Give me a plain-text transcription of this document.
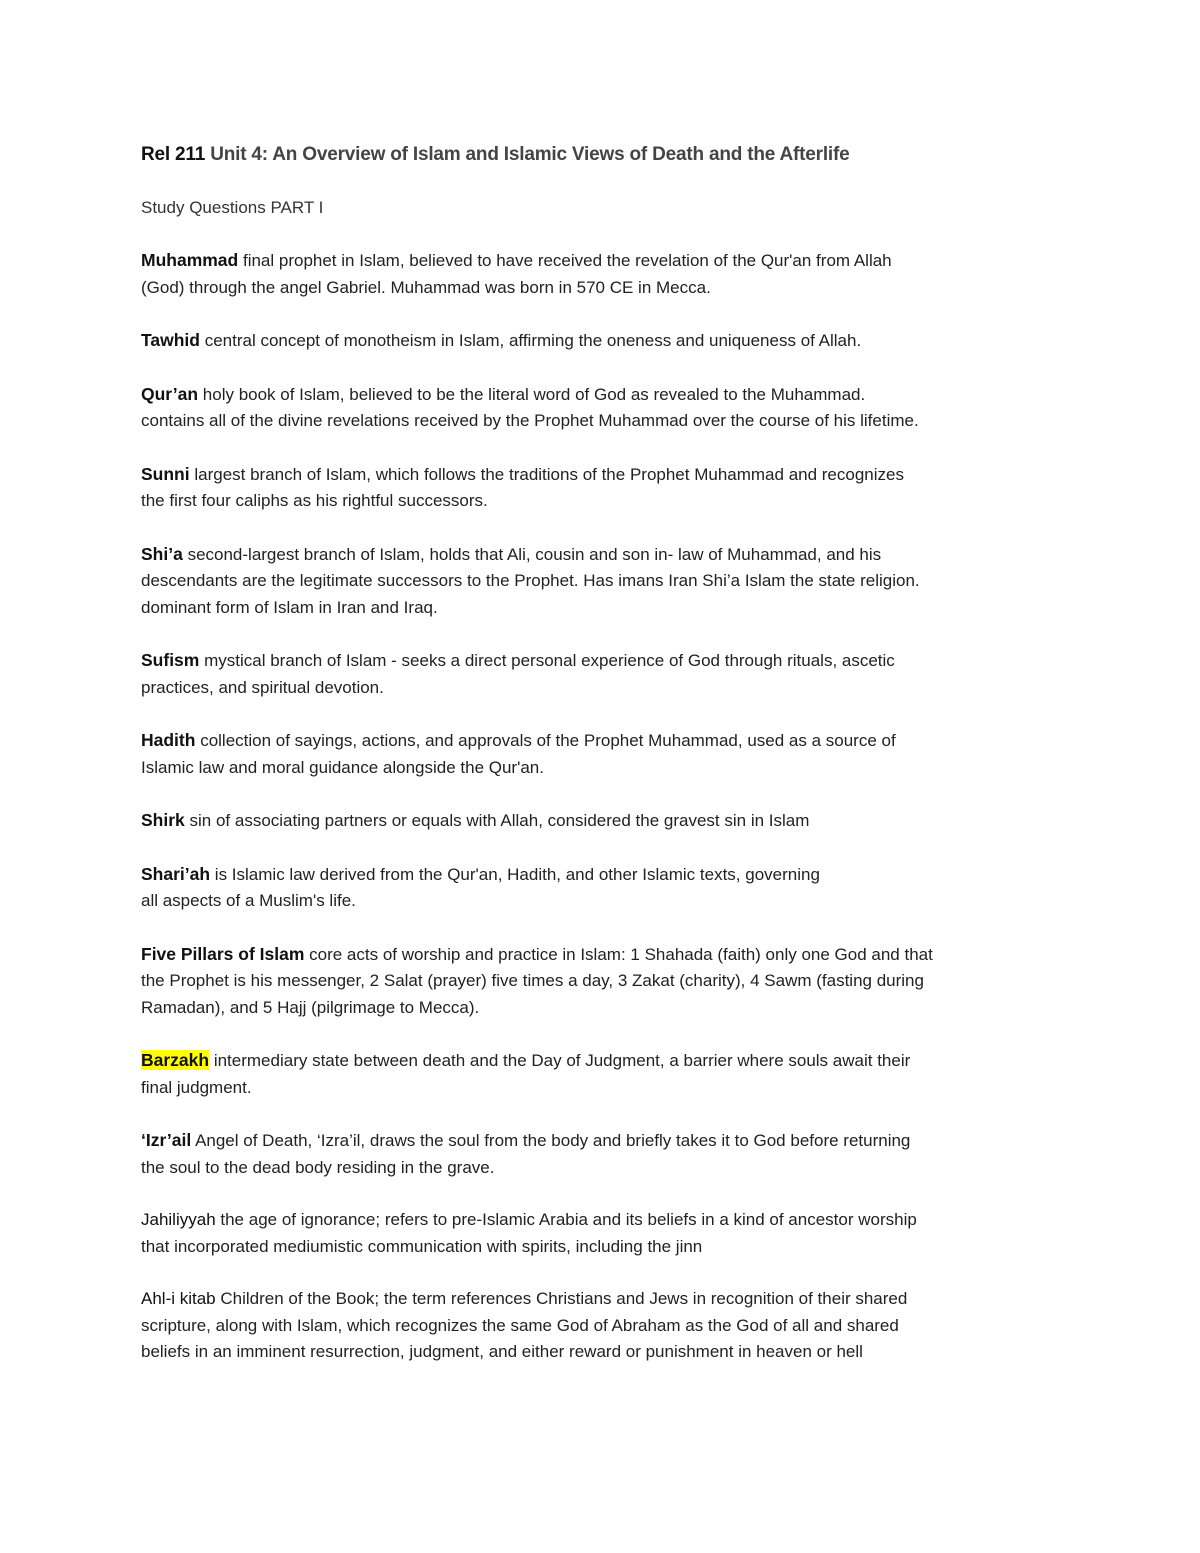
Rel 211 Unit 4: An Overview of Islam and Islamic Views of Death and the Afterlife

Study Questions PART I

Muhammad final prophet in Islam, believed to have received the revelation of the Qur'an from Allah
(God) through the angel Gabriel. Muhammad was born in 570 CE in Mecca.

Tawhid central concept of monotheism in Islam, affirming the oneness and uniqueness of Allah.

Qur’an holy book of Islam, believed to be the literal word of God as revealed to the Muhammad.
contains all of the divine revelations received by the Prophet Muhammad over the course of his lifetime.

Sunni largest branch of Islam, which follows the traditions of the Prophet Muhammad and recognizes
the first four caliphs as his rightful successors.

Shi’a second-largest branch of Islam, holds that Ali, cousin and son in- law of Muhammad, and his
descendants are the legitimate successors to the Prophet. Has imans Iran Shi’a Islam the state religion.
dominant form of Islam in Iran and Iraq.

Sufism mystical branch of Islam - seeks a direct personal experience of God through rituals, ascetic
practices, and spiritual devotion.

Hadith collection of sayings, actions, and approvals of the Prophet Muhammad, used as a source of
Islamic law and moral guidance alongside the Qur'an.

Shirk sin of associating partners or equals with Allah, considered the gravest sin in Islam

Shari’ah is Islamic law derived from the Qur'an, Hadith, and other Islamic texts, governing
all aspects of a Muslim's life.

Five Pillars of Islam core acts of worship and practice in Islam: 1 Shahada (faith) only one God and that
the Prophet is his messenger, 2 Salat (prayer) five times a day, 3 Zakat (charity), 4 Sawm (fasting during
Ramadan), and 5 Hajj (pilgrimage to Mecca).

Barzakh intermediary state between death and the Day of Judgment, a barrier where souls await their
final judgment.

‘Izr’ail Angel of Death, ‘Izra’il, draws the soul from the body and briefly takes it to God before returning
the soul to the dead body residing in the grave.

Jahiliyyah the age of ignorance; refers to pre-Islamic Arabia and its beliefs in a kind of ancestor worship
that incorporated mediumistic communication with spirits, including the jinn

Ahl-i kitab Children of the Book; the term references Christians and Jews in recognition of their shared
scripture, along with Islam, which recognizes the same God of Abraham as the God of all and shared
beliefs in an imminent resurrection, judgment, and either reward or punishment in heaven or hell
